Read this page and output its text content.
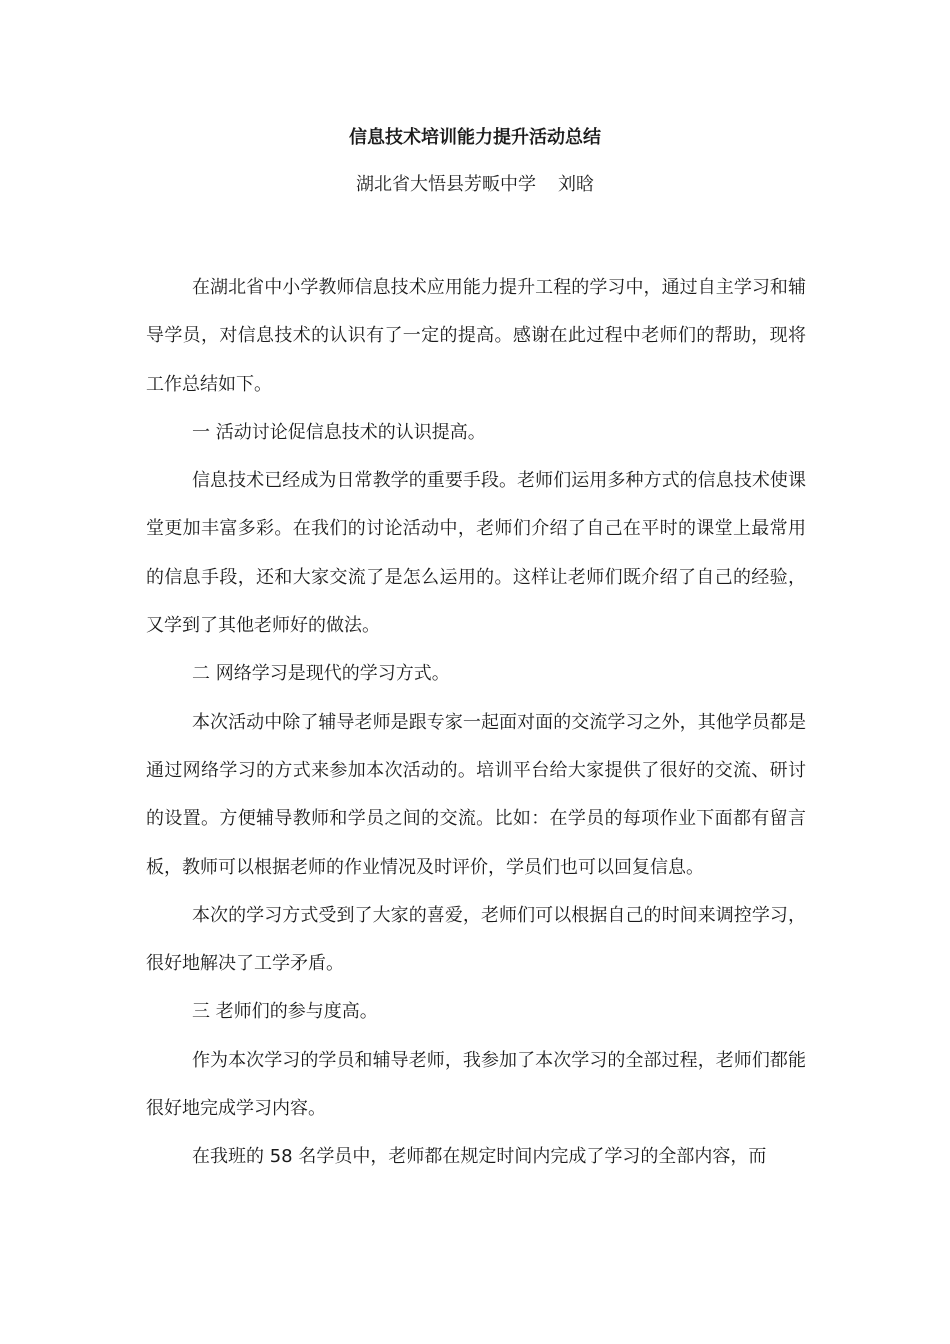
信息技术培训能力提升活动总结

湖北省大悟县芳畈中学 刘晗

在湖北省中小学教师信息技术应用能力提升工程的学习中，通过自主学习和辅导学员，对信息技术的认识有了一定的提高。感谢在此过程中老师们的帮助，现将工作总结如下。

一 活动讨论促信息技术的认识提高。

信息技术已经成为日常教学的重要手段。老师们运用多种方式的信息技术使课堂更加丰富多彩。在我们的讨论活动中，老师们介绍了自己在平时的课堂上最常用的信息手段，还和大家交流了是怎么运用的。这样让老师们既介绍了自己的经验，又学到了其他老师好的做法。

二 网络学习是现代的学习方式。

本次活动中除了辅导老师是跟专家一起面对面的交流学习之外，其他学员都是通过网络学习的方式来参加本次活动的。培训平台给大家提供了很好的交流、研讨的设置。方便辅导教师和学员之间的交流。比如：在学员的每项作业下面都有留言板，教师可以根据老师的作业情况及时评价，学员们也可以回复信息。

本次的学习方式受到了大家的喜爱，老师们可以根据自己的时间来调控学习，很好地解决了工学矛盾。

三 老师们的参与度高。

作为本次学习的学员和辅导老师，我参加了本次学习的全部过程，老师们都能很好地完成学习内容。

在我班的 58 名学员中，老师都在规定时间内完成了学习的全部内容，而
